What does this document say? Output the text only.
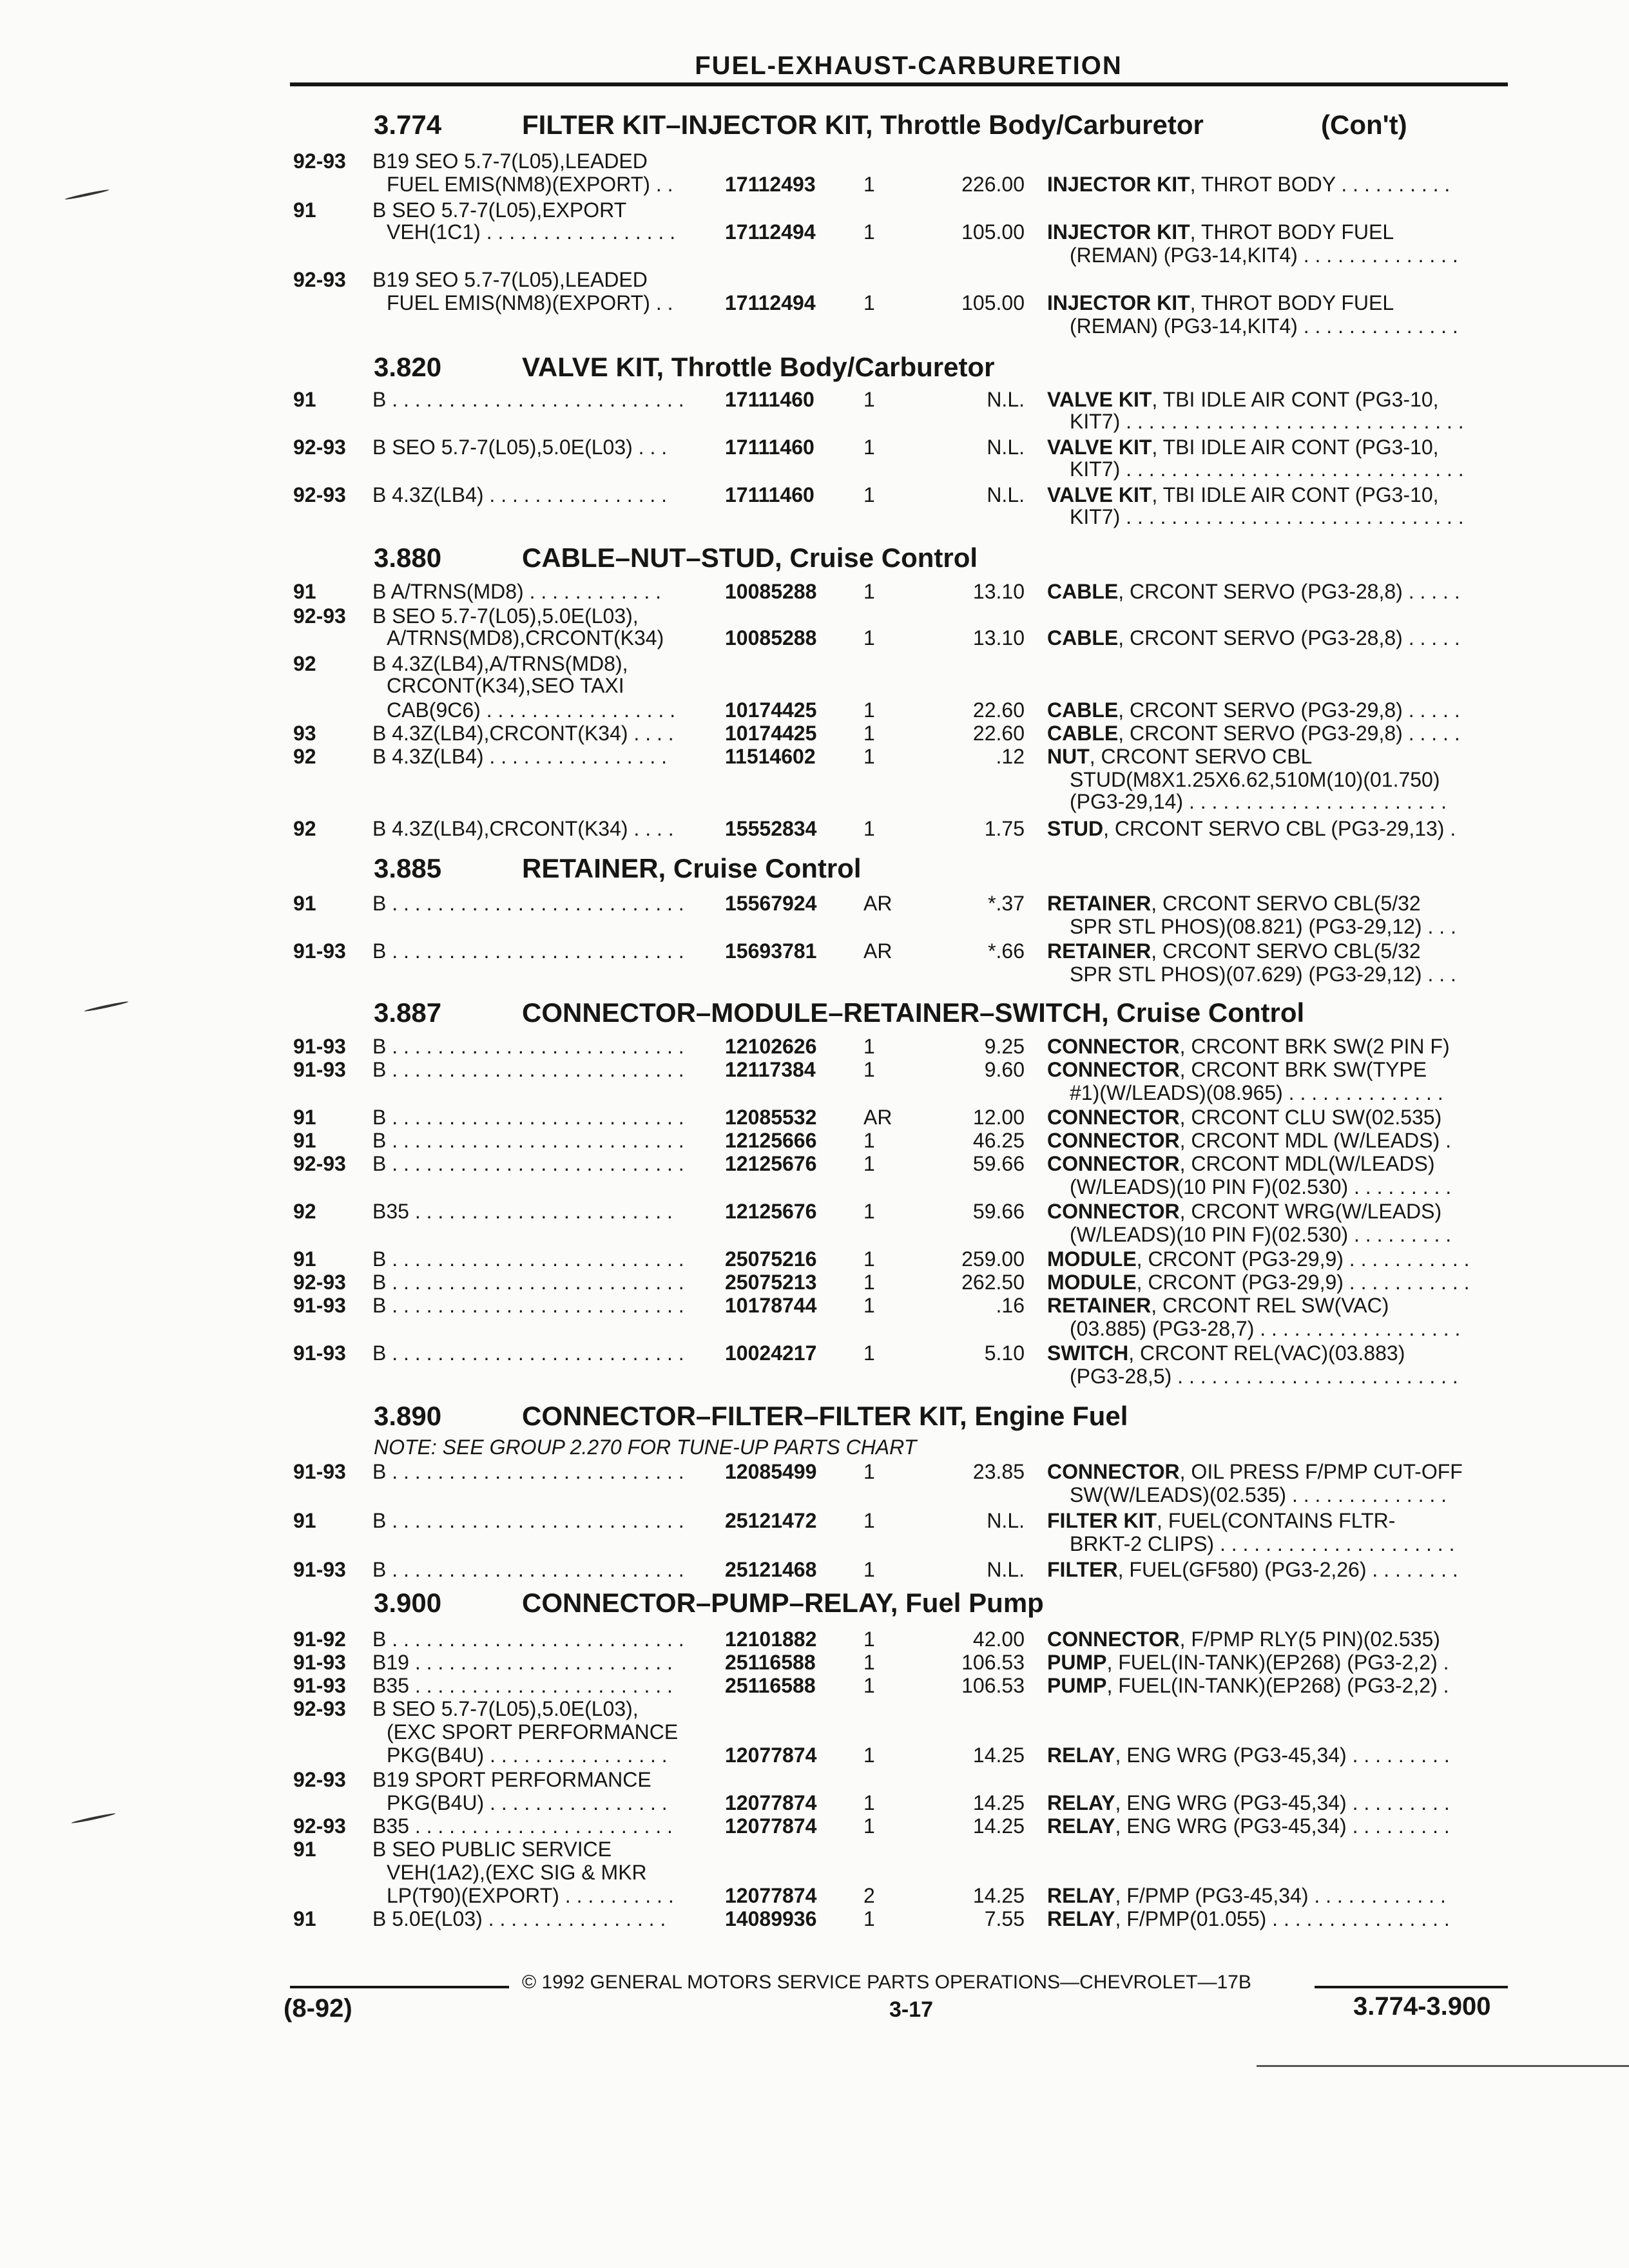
FUEL-EXHAUST-CARBURETION
3.774	FILTER KIT–INJECTOR KIT, Throttle Body/Carburetor	(Con't)
92-93 B19 SEO 5.7-7(L05),LEADED
FUEL EMIS(NM8)(EXPORT) . .	17112493 1	226.00 INJECTOR KIT, THROT BODY . . . . . . . . . .
91	B SEO 5.7-7(L05),EXPORT
VEH(1C1) . . . . . . . . . . . . . . . . . 17112494 1	105.00 INJECTOR KIT, THROT BODY FUEL
(REMAN) (PG3-14,KIT4) . . . . . . . . . . . . . .
92-93 B19 SEO 5.7-7(L05),LEADED
FUEL EMIS(NM8)(EXPORT) . .	17112494 1	105.00 INJECTOR KIT, THROT BODY FUEL
(REMAN) (PG3-14,KIT4) . . . . . . . . . . . . . .
3.820	VALVE KIT, Throttle Body/Carburetor
91	B . . . . . . . . . . . . . . . . . . . . . . . . . . 17111460 1	N.L. VALVE KIT, TBI IDLE AIR CONT (PG3-10,
KIT7) . . . . . . . . . . . . . . . . . . . . . . . . . . . . . .
92-93 B SEO 5.7-7(L05),5.0E(L03) . . .	17111460 1	N.L. VALVE KIT, TBI IDLE AIR CONT (PG3-10,
KIT7) . . . . . . . . . . . . . . . . . . . . . . . . . . . . . .
92-93 B 4.3Z(LB4) . . . . . . . . . . . . . . . .	17111460 1	N.L. VALVE KIT, TBI IDLE AIR CONT (PG3-10,
KIT7) . . . . . . . . . . . . . . . . . . . . . . . . . . . . . .
3.880	CABLE–NUT–STUD, Cruise Control
91	B A/TRNS(MD8) . . . . . . . . . . . .	10085288 1	13.10 CABLE, CRCONT SERVO (PG3-28,8) . . . . .
92-93 B SEO 5.7-7(L05),5.0E(L03),
A/TRNS(MD8),CRCONT(K34)	10085288 1	13.10 CABLE, CRCONT SERVO (PG3-28,8) . . . . .
92	B 4.3Z(LB4),A/TRNS(MD8),
CRCONT(K34),SEO TAXI
CAB(9C6) . . . . . . . . . . . . . . . . . 10174425 1	22.60 CABLE, CRCONT SERVO (PG3-29,8) . . . . .
93	B 4.3Z(LB4),CRCONT(K34) . . . . 10174425 1	22.60 CABLE, CRCONT SERVO (PG3-29,8) . . . . .
92	B 4.3Z(LB4) . . . . . . . . . . . . . . . .	11514602 1	.12 NUT, CRCONT SERVO CBL
STUD(M8X1.25X6.62,510M(10)(01.750)
(PG3-29,14) . . . . . . . . . . . . . . . . . . . . . . .
92	B 4.3Z(LB4),CRCONT(K34) . . . . 15552834 1	1.75 STUD, CRCONT SERVO CBL (PG3-29,13) .
3.885	RETAINER, Cruise Control
91	B . . . . . . . . . . . . . . . . . . . . . . . . . . 15567924 AR	*.37 RETAINER, CRCONT SERVO CBL(5/32
SPR STL PHOS)(08.821) (PG3-29,12) . . .
91-93 B . . . . . . . . . . . . . . . . . . . . . . . . . . 15693781 AR	*.66 RETAINER, CRCONT SERVO CBL(5/32
SPR STL PHOS)(07.629) (PG3-29,12) . . .
3.887	CONNECTOR–MODULE–RETAINER–SWITCH, Cruise Control
91-93 B . . . . . . . . . . . . . . . . . . . . . . . . . . 12102626 1	9.25 CONNECTOR, CRCONT BRK SW(2 PIN F)
91-93 B . . . . . . . . . . . . . . . . . . . . . . . . . . 12117384 1	9.60 CONNECTOR, CRCONT BRK SW(TYPE
#1)(W/LEADS)(08.965) . . . . . . . . . . . . . .
91	B . . . . . . . . . . . . . . . . . . . . . . . . . . 12085532 AR	12.00 CONNECTOR, CRCONT CLU SW(02.535)
91	B . . . . . . . . . . . . . . . . . . . . . . . . . . 12125666 1	46.25 CONNECTOR, CRCONT MDL (W/LEADS) .
92-93 B . . . . . . . . . . . . . . . . . . . . . . . . . . 12125676 1	59.66 CONNECTOR, CRCONT MDL(W/LEADS)
(W/LEADS)(10 PIN F)(02.530) . . . . . . . . .
92	B35 . . . . . . . . . . . . . . . . . . . . . . .	12125676 1	59.66 CONNECTOR, CRCONT WRG(W/LEADS)
(W/LEADS)(10 PIN F)(02.530) . . . . . . . . .
91	B . . . . . . . . . . . . . . . . . . . . . . . . . . 25075216 1	259.00 MODULE, CRCONT (PG3-29,9) . . . . . . . . . . .
92-93 B . . . . . . . . . . . . . . . . . . . . . . . . . . 25075213 1	262.50 MODULE, CRCONT (PG3-29,9) . . . . . . . . . . .
91-93 B . . . . . . . . . . . . . . . . . . . . . . . . . . 10178744 1	.16 RETAINER, CRCONT REL SW(VAC)
(03.885) (PG3-28,7) . . . . . . . . . . . . . . . . . .
91-93 B . . . . . . . . . . . . . . . . . . . . . . . . . . 10024217 1	5.10 SWITCH, CRCONT REL(VAC)(03.883)
(PG3-28,5) . . . . . . . . . . . . . . . . . . . . . . . . .
3.890	CONNECTOR–FILTER–FILTER KIT, Engine Fuel
NOTE: SEE GROUP 2.270 FOR TUNE-UP PARTS CHART
91-93 B . . . . . . . . . . . . . . . . . . . . . . . . . . 12085499 1	23.85 CONNECTOR, OIL PRESS F/PMP CUT-OFF
SW(W/LEADS)(02.535) . . . . . . . . . . . . . .
91	B . . . . . . . . . . . . . . . . . . . . . . . . . . 25121472 1	N.L. FILTER KIT, FUEL(CONTAINS FLTR-
BRKT-2 CLIPS) . . . . . . . . . . . . . . . . . . . . .
91-93 B . . . . . . . . . . . . . . . . . . . . . . . . . . 25121468 1	N.L. FILTER, FUEL(GF580) (PG3-2,26) . . . . . . . .
3.900	CONNECTOR–PUMP–RELAY, Fuel Pump
91-92 B . . . . . . . . . . . . . . . . . . . . . . . . . . 12101882 1	42.00 CONNECTOR, F/PMP RLY(5 PIN)(02.535)
91-93 B19 . . . . . . . . . . . . . . . . . . . . . . .	25116588 1	106.53 PUMP, FUEL(IN-TANK)(EP268) (PG3-2,2) .
91-93 B35 . . . . . . . . . . . . . . . . . . . . . . .	25116588 1	106.53 PUMP, FUEL(IN-TANK)(EP268) (PG3-2,2) .
92-93 B SEO 5.7-7(L05),5.0E(L03),
(EXC SPORT PERFORMANCE
PKG(B4U) . . . . . . . . . . . . . . . .	12077874 1	14.25 RELAY, ENG WRG (PG3-45,34) . . . . . . . . .
92-93 B19 SPORT PERFORMANCE
PKG(B4U) . . . . . . . . . . . . . . . .	12077874 1	14.25 RELAY, ENG WRG (PG3-45,34) . . . . . . . . .
92-93 B35 . . . . . . . . . . . . . . . . . . . . . . .	12077874 1	14.25 RELAY, ENG WRG (PG3-45,34) . . . . . . . . .
91	B SEO PUBLIC SERVICE
VEH(1A2),(EXC SIG & MKR
LP(T90)(EXPORT) . . . . . . . . . . 12077874 2	14.25 RELAY, F/PMP (PG3-45,34) . . . . . . . . . . . .
91	B 5.0E(L03) . . . . . . . . . . . . . . . .	14089936 1	7.55 RELAY, F/PMP(01.055) . . . . . . . . . . . . . . . .
© 1992 GENERAL MOTORS SERVICE PARTS OPERATIONS—CHEVROLET—17B
(8-92)	3-17	3.774-3.900
